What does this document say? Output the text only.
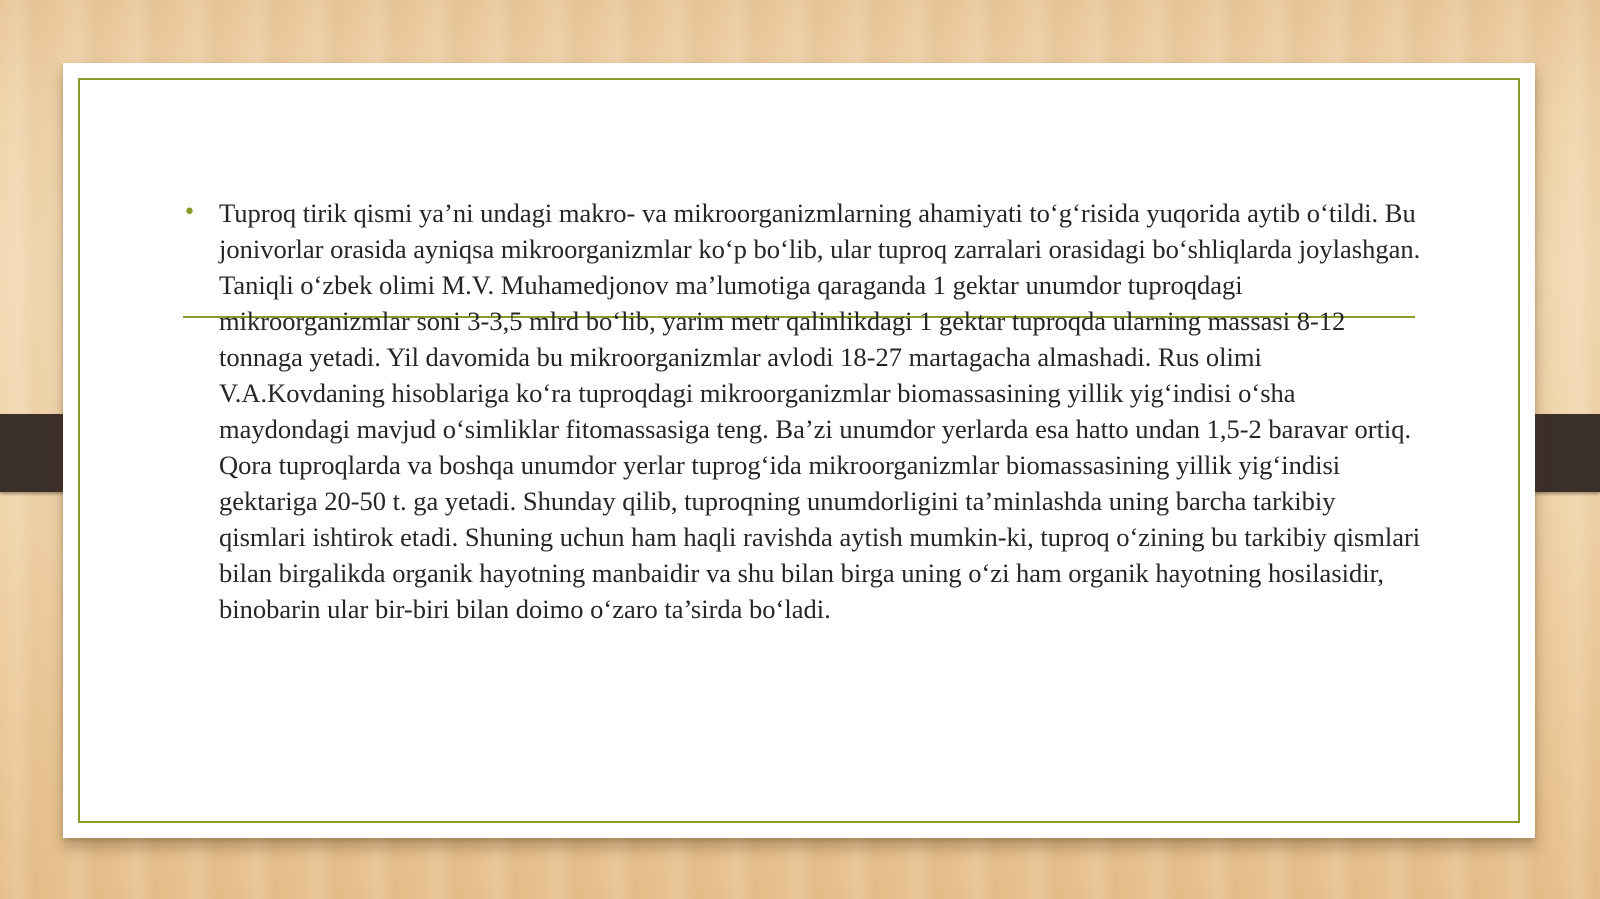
• Tuproq tirik qismi ya’ni undagi makro- va mikroorganizmlarning ahamiyati to‘g‘risida yuqorida aytib o‘tildi. Bu jonivorlar orasida ayniqsa mikroorganizmlar ko‘p bo‘lib, ular tuproq zarralari orasidagi bo‘shliqlarda joylashgan. Taniqli o‘zbek olimi M.V. Muhamedjonov ma’lumotiga qaraganda 1 gektar unumdor tuproqdagi mikroorganizmlar soni 3-3,5 mlrd bo‘lib, yarim metr qalinlikdagi 1 gektar tuproqda ularning massasi 8-12 tonnaga yetadi. Yil davomida bu mikroorganizmlar avlodi 18-27 martagacha almashadi. Rus olimi V.A.Kovdaning hisoblariga ko‘ra tuproqdagi mikroorganizmlar biomassasining yillik yig‘indisi o‘sha maydondagi mavjud o‘simliklar fitomassasiga teng. Ba’zi unumdor yerlarda esa hatto undan 1,5-2 baravar ortiq. Qora tuproqlarda va boshqa unumdor yerlar tuprog‘ida mikroorganizmlar biomassasining yillik yig‘indisi gektariga 20-50 t. ga yetadi. Shunday qilib, tuproqning unumdorligini ta’minlashda uning barcha tarkibiy qismlari ishtirok etadi. Shuning uchun ham haqli ravishda aytish mumkin-ki, tuproq o‘zining bu tarkibiy qismlari bilan birgalikda organik hayotning manbaidir va shu bilan birga uning o‘zi ham organik hayotning hosilasidir, binobarin ular bir-biri bilan doimo o‘zaro ta’sirda bo‘ladi.
